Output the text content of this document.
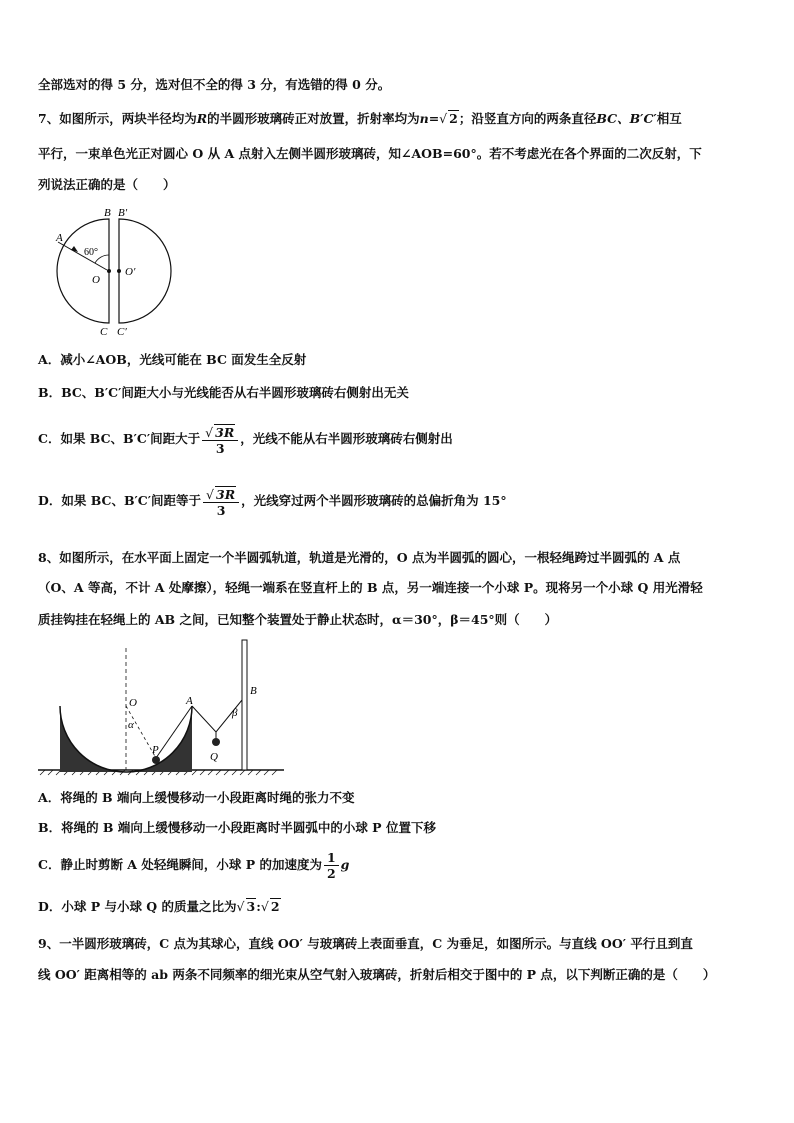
全部选对的得 5 分，选对但不全的得 3 分，有选错的得 0 分。
7、如图所示，两块半径均为R的半圆形玻璃砖正对放置，折射率均为n=√ 2；沿竖直方向的两条直径BC、B′C′相互
平行，一束单色光正对圆心 O 从 A 点射入左侧半圆形玻璃砖，知∠AOB=60°。若不考虑光在各个界面的二次反射，下
列说法正确的是（　　）
B B′
C C′
O
O′
A
60°
A．减小∠AOB，光线可能在 BC 面发生全反射
B．BC、B′C′间距大小与光线能否从右半圆形玻璃砖右侧射出无关
C．如果 BC、B′C′间距大于 $\frac{√ 3R}{3}$ ，光线不能从右半圆形玻璃砖右侧射出
D．如果 BC、B′C′间距等于 $\frac{√ 3R}{3}$ ，光线穿过两个半圆形玻璃砖的总偏折角为 15°
8、如图所示，在水平面上固定一个半圆弧轨道，轨道是光滑的，O 点为半圆弧的圆心，一根轻绳跨过半圆弧的 A 点
（O、A 等高，不计 A 处摩擦），轻绳一端系在竖直杆上的 B 点，另一端连接一个小球 P。现将另一个小球 Q 用光滑轻
质挂钩挂在轻绳上的 AB 之间，已知整个装置处于静止状态时，α＝30°，β＝45°则（　　）
O	A
B
P
Q
α
β
A．将绳的 B 端向上缓慢移动一小段距离时绳的张力不变
B．将绳的 B 端向上缓慢移动一小段距离时半圆弧中的小球 P 位置下移
C．静止时剪断 A 处轻绳瞬间，小球 P 的加速度为 $\frac{1}{2}$ g
D．小球 P 与小球 Q 的质量之比为√ 3:√ 2
9、一半圆形玻璃砖，C 点为其球心，直线 OO′ 与玻璃砖上表面垂直，C 为垂足，如图所示。与直线 OO′ 平行且到直
线 OO′ 距离相等的 ab 两条不同频率的细光束从空气射入玻璃砖，折射后相交于图中的 P 点，以下判断正确的是（　　）
